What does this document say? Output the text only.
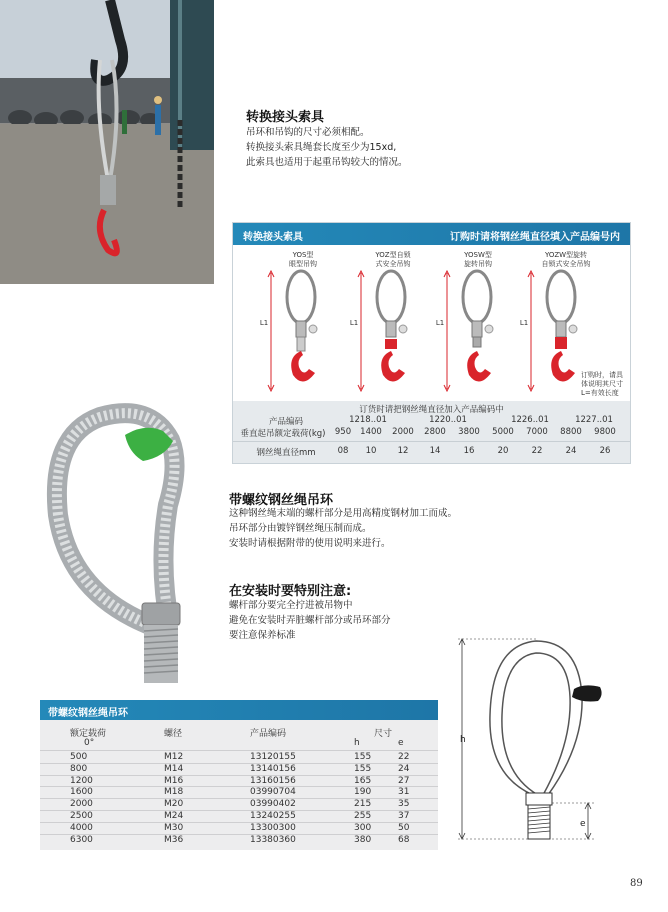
转换接头索具
吊环和吊钩的尺寸必须相配。
转换接头索具绳套长度至少为15xd,
此索具也适用于起重吊钩较大的情况。
转换接头索具	订购时请将钢丝绳直径填入产品编号内
YOS型
眼型吊钩
YOZ型自锁
式安全吊钩
YOSW型
旋转吊钩
YOZW型旋转
自锁式安全吊钩
L1	L1	L1	L1
订购时，请具
体说明其尺寸
L=有效长度
订货时请把钢丝绳直径加入产品编码中
产品编码	1218..01	1220..01	1226..01	1227..01
垂直起吊额定载荷(kg)	950	1400 2000 2800 3800 5000 7000 8800 9800
钢丝绳直径mm	08	10	12	14	16	20	22	24	26
带螺纹钢丝绳吊环
这种钢丝绳末端的螺杆部分是用高精度钢材加工而成。
吊环部分由镀锌钢丝绳压制而成。
安装时请根据附带的使用说明来进行。
在安装时要特别注意:
螺杆部分要完全拧进被吊物中
避免在安装时弄脏螺杆部分或吊环部分
要注意保养标准
带螺纹钢丝绳吊环
额定载荷
0°
螺径	产品编码	尺寸
h	e
500	M12	13120155	155	22
800	M14	13140156	155	24
1200	M16	13160156	165	27
1600	M18	03990704	190	31
2000	M20	03990402	215	35
2500	M24	13240255	255	37
4000	M30	13300300	300	50
6300	M36	13380360	380	68
h
e
89
